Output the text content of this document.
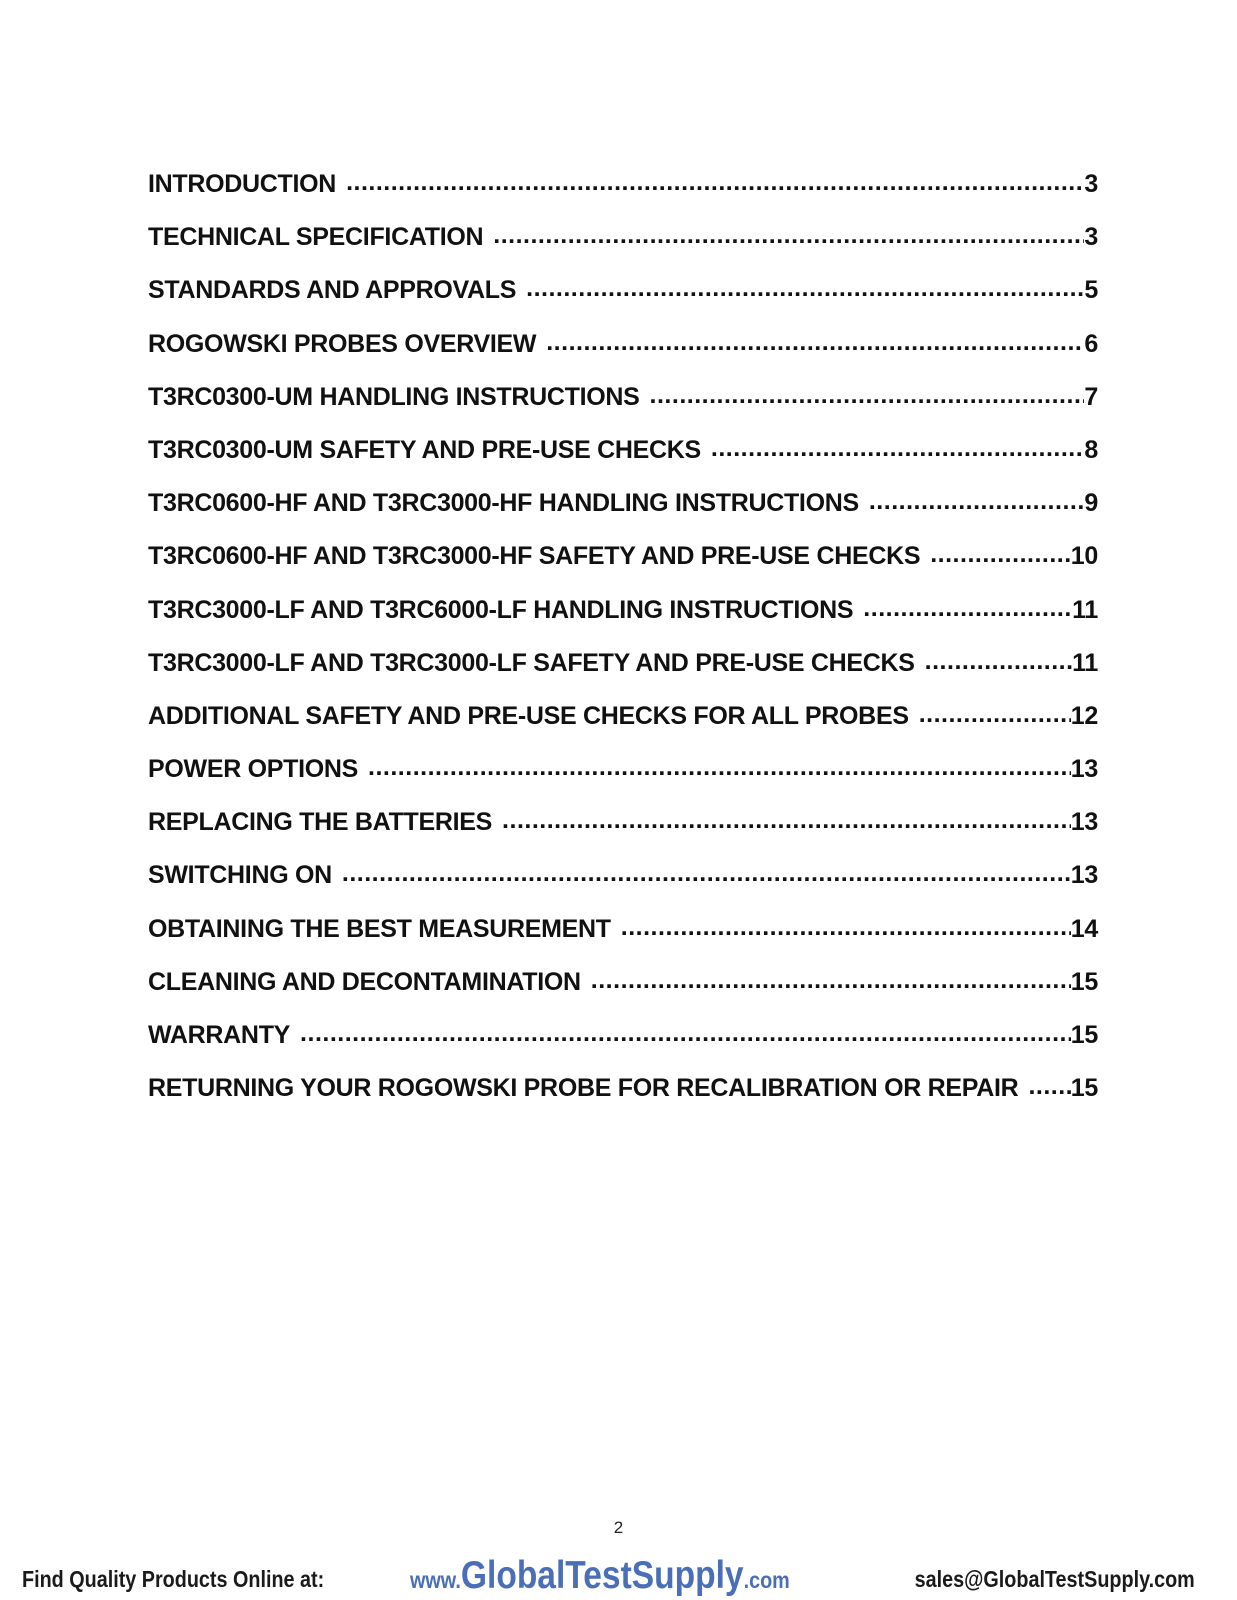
INTRODUCTION .....	3
TECHNICAL SPECIFICATION .....	3
STANDARDS AND APPROVALS .....	5
ROGOWSKI PROBES OVERVIEW .....	6
T3RC0300-UM HANDLING INSTRUCTIONS .....	7
T3RC0300-UM SAFETY AND PRE-USE CHECKS .....	8
T3RC0600-HF AND T3RC3000-HF HANDLING INSTRUCTIONS .....	9
T3RC0600-HF AND T3RC3000-HF SAFETY AND PRE-USE CHECKS .....	10
T3RC3000-LF AND T3RC6000-LF HANDLING INSTRUCTIONS .....	11
T3RC3000-LF AND T3RC3000-LF SAFETY AND PRE-USE CHECKS .....	11
ADDITIONAL SAFETY AND PRE-USE CHECKS FOR ALL PROBES .....	12
POWER OPTIONS .....	13
REPLACING THE BATTERIES .....	13
SWITCHING ON .....	13
OBTAINING THE BEST MEASUREMENT .....	14
CLEANING AND DECONTAMINATION .....	15
WARRANTY .....	15
RETURNING YOUR ROGOWSKI PROBE FOR RECALIBRATION OR REPAIR .....	15
2
Find Quality Products Online at:	www.GlobalTestSupply.com	sales@GlobalTestSupply.com
